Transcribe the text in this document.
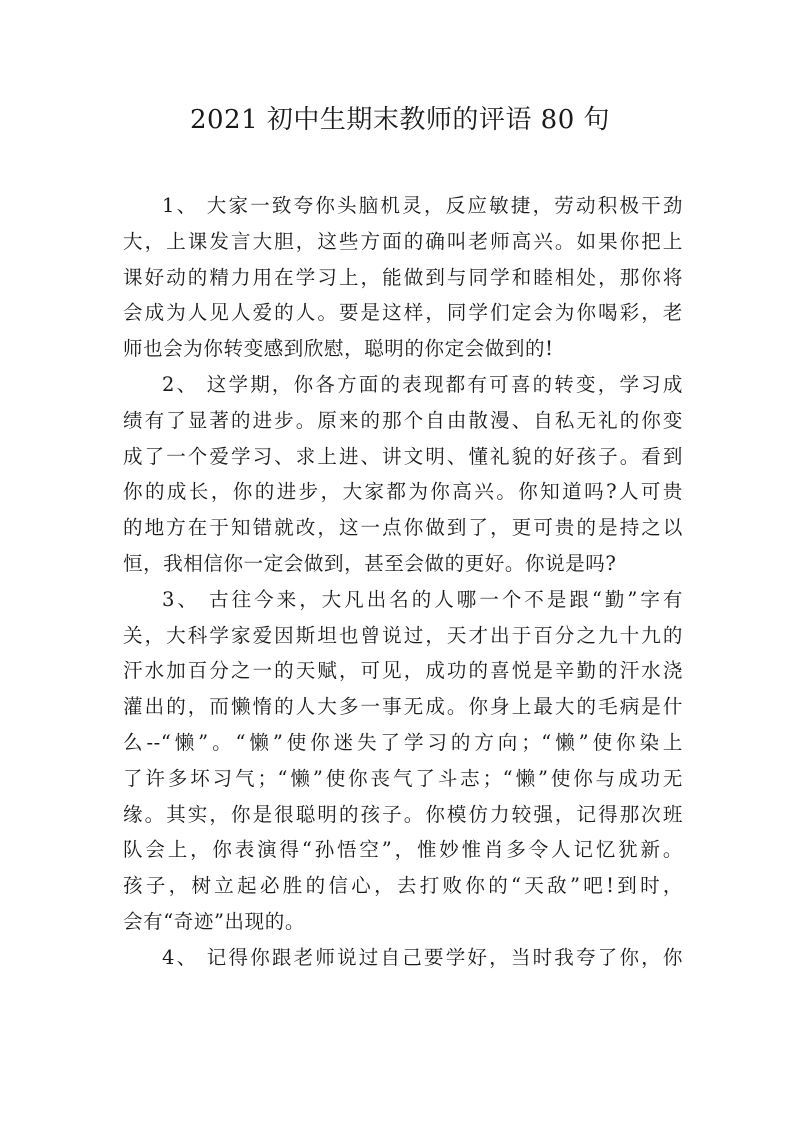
2021 初中生期末教师的评语 80 句
1、 大家一致夸你头脑机灵，反应敏捷，劳动积极干劲
大，上课发言大胆，这些方面的确叫老师高兴。如果你把上
课好动的精力用在学习上，能做到与同学和睦相处，那你将
会成为人见人爱的人。要是这样，同学们定会为你喝彩，老
师也会为你转变感到欣慰，聪明的你定会做到的!
2、 这学期，你各方面的表现都有可喜的转变，学习成
绩有了显著的进步。原来的那个自由散漫、自私无礼的你变
成了一个爱学习、求上进、讲文明、懂礼貌的好孩子。看到
你的成长，你的进步，大家都为你高兴。你知道吗?人可贵
的地方在于知错就改，这一点你做到了，更可贵的是持之以
恒，我相信你一定会做到，甚至会做的更好。你说是吗?
3、 古往今来，大凡出名的人哪一个不是跟“勤”字有
关，大科学家爱因斯坦也曾说过，天才出于百分之九十九的
汗水加百分之一的天赋，可见，成功的喜悦是辛勤的汗水浇
灌出的，而懒惰的人大多一事无成。你身上最大的毛病是什
么--“懒”。“懒”使你迷失了学习的方向；“懒”使你染上
了许多坏习气；“懒”使你丧气了斗志；“懒”使你与成功无
缘。其实，你是很聪明的孩子。你模仿力较强，记得那次班
队会上，你表演得“孙悟空”，惟妙惟肖多令人记忆犹新。
孩子，树立起必胜的信心，去打败你的“天敌”吧!到时，
会有“奇迹”出现的。
4、 记得你跟老师说过自己要学好，当时我夸了你，你
